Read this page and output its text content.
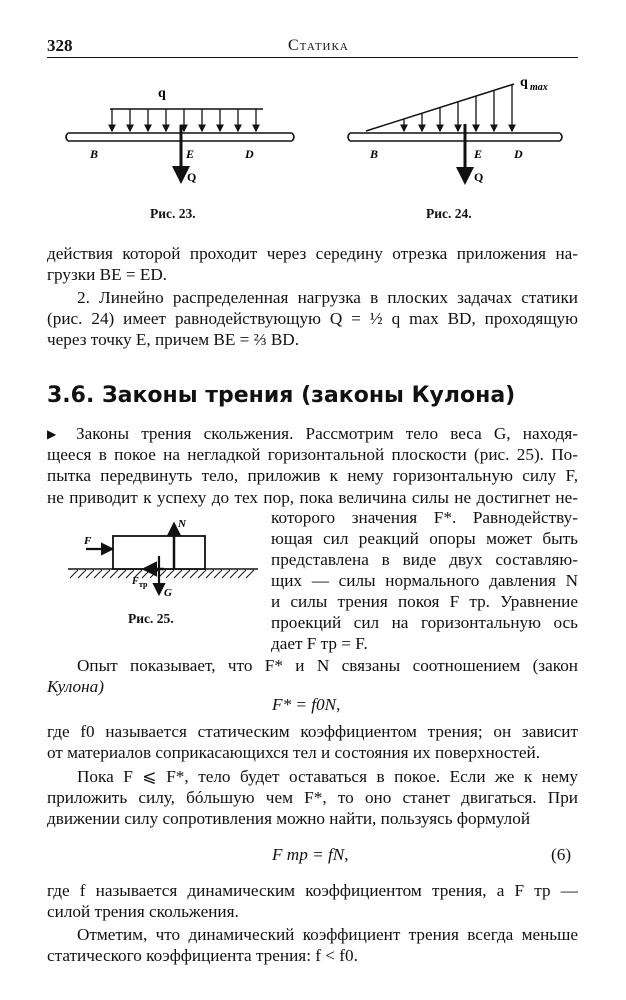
328	Статика
q
B	E	D
Q
Рис. 23.
q max
B	E	D
Q
Рис. 24.
действия которой проходит через середину отрезка приложения на-
грузки BE = ED.
2. Линейно распределенная нагрузка в плоских задачах статики
(рис. 24) имеет равнодействующую Q = ½ q max BD, проходящую
через точку E, причем BE = ⅔ BD.
3.6. Законы трения (законы Кулона)
▶ Законы трения скольжения. Рассмотрим тело веса G, находя-
щееся в покое на негладкой горизонтальной плоскости (рис. 25). По-
пытка передвинуть тело, приложив к нему горизонтальную силу F,
не приводит к успеху до тех пор, пока величина силы не достигнет не-
N
F
F тр
G
Рис. 25.
которого значения F*. Равнодейству-
ющая сил реакций опоры может быть
представлена в виде двух составляю-
щих — силы нормального давления N
и силы трения покоя F тр. Уравнение
проекций сил на горизонтальную ось
дает F тр = F.
Опыт показывает, что F* и N связаны соотношением (закон
Кулона)
F* = f0N,
где f0 называется статическим коэффициентом трения; он зависит
от материалов соприкасающихся тел и состояния их поверхностей.
Пока F ⩽ F*, тело будет оставаться в покое. Если же к нему
приложить силу, бóльшую чем F*, то оно станет двигаться. При
движении силу сопротивления можно найти, пользуясь формулой
F тр = fN,	(6)
где f называется динамическим коэффициентом трения, а F тр —
силой трения скольжения.
Отметим, что динамический коэффициент трения всегда меньше
статического коэффициента трения: f < f0.
